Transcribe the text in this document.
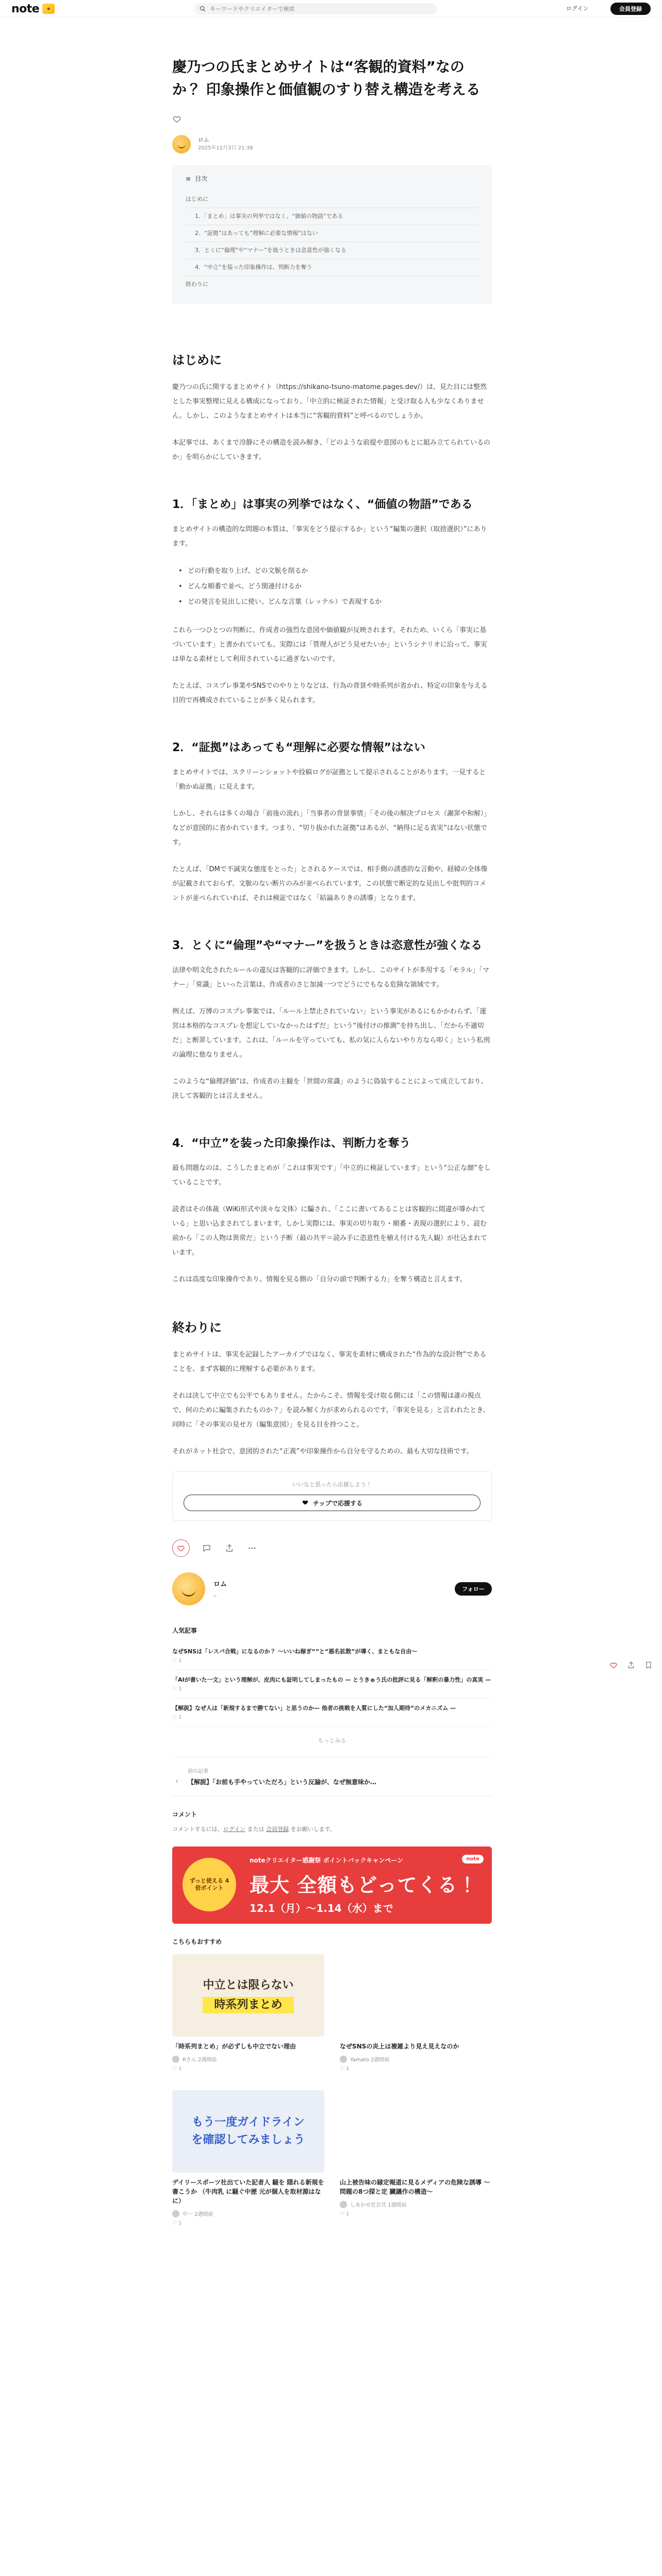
note	✦
キーワードやクリエイターで検索	ログイン	会員登録
慶乃つの氏まとめサイトは“客観的資料”なのか？ 印象操作と価値観のすり替え構造を考える
ロム
2025年12月3日 21:38
≡ 目次
はじめに
1．「まとめ」は事実の列挙ではなく、“価値の物語”である
2．“証拠”はあっても“理解に必要な情報”はない
3．とくに“倫理”や“マナー”を扱うときは恣意性が強くなる
4．“中立”を装った印象操作は、判断力を奪う
終わりに
はじめに

慶乃つの氏に関するまとめサイト（https://shikano-tsuno-matome.pages.dev/）は、見た目には整然とした事実整理に見える構成になっており、「中立的に検証された情報」と受け取る人も少なくありません。しかし、このようなまとめサイトは本当に“客観的資料”と呼べるのでしょうか。

本記事では、あくまで冷静にその構造を読み解き、「どのような前提や意図のもとに組み立てられているのか」を明らかにしていきます。

1．「まとめ」は事実の列挙ではなく、“価値の物語”である

まとめサイトの構造的な問題の本質は、「事実をどう提示するか」という“編集の選択（取捨選択）”にあります。

• どの行動を取り上げ、どの文脈を削るか
• どんな順番で並べ、どう関連付けるか
• どの発言を見出しに使い、どんな言葉（レッテル）で表現するか

これら一つひとつの判断に、作成者の強烈な意図や価値観が反映されます。それため、いくら「事実に基づいています」と書かれていても、実際には「管理人がどう見せたいか」というシナリオに沿って、事実は単なる素材として利用されているに過ぎないのです。

たとえば、コスプレ事業やSNSでのやりとりなどは、行為の背景や時系列が省かれ、特定の印象を与える目的で再構成されていることが多く見られます。

2．“証拠”はあっても“理解に必要な情報”はない

まとめサイトでは、スクリーンショットや投稿ログが証拠として提示されることがあります。一見すると「動かぬ証拠」に見えます。

しかし、それらは多くの場合「前後の流れ」「当事者の背景事情」「その後の解決プロセス（謝罪や和解）」などが意図的に省かれています。つまり、“切り抜かれた証拠”はあるが、“納得に足る真実”はない状態です。

たとえば、「DMで不誠実な態度をとった」とされるケースでは、相手側の誘惑的な言動や、経緯の全体像が記載されておらず、文脈のない断片のみが並べられています。この状態で断定的な見出しや批判的コメントが並べられていれば、それは検証ではなく「結論ありきの誘導」となります。

3．とくに“倫理”や“マナー”を扱うときは恣意性が強くなる

法律や明文化されたルールの違反は客観的に評価できます。しかし、このサイトが多用する「モラル」「マナー」「常識」といった言葉は、作成者のさじ加減一つでどうにでもなる危険な領域です。

例えば、万博のコスプレ事案では、「ルール上禁止されていない」という事実があるにもかかわらず、「運営は本格的なコスプレを想定していなかったはずだ」という“後付けの推測”を持ち出し、「だから不適切だ」と断罪しています。これは、「ルールを守っていても、私の気に入らないやり方なら叩く」という私刑の論理に他なりません。

このような“倫理評価”は、作成者の主観を「世間の常識」のように偽装することによって成立しており、決して客観的とは言えません。

4．“中立”を装った印象操作は、判断力を奪う

最も問題なのは、こうしたまとめが「これは事実です」「中立的に検証しています」という“公正な顔”をしていることです。

読者はその体裁（WiKi形式や淡々な文体）に騙され、「ここに書いてあることは客観的に間違が導かれている」と思い込まされてしまいます。しかし実際には、事実の切り取り・順番・表現の選択により、読む前から「この人物は異常だ」という予断（最の共平＝読み手に恣意性を植え付ける先入観）が仕込まれています。

これは高度な印象操作であり、情報を見る側の「自分の頭で判断する力」を奪う構造と言えます。

終わりに

まとめサイトは、事実を記録したアーカイブではなく、事実を素材に構成された“作為的な設計物”であることを、まず客観的に理解する必要があります。

それは決して中立でも公平でもありません。たからこそ、情報を受け取る側には「この情報は誰の視点で、何のために編集されたものか？」を読み解く力が求められるのです。「事実を見る」と言われたとき、同時に「その事実の見せ方（編集意図）」を見る目を持つこと。

それがネット社会で、意図的された“正義”や印象操作から自分を守るための、最も大切な技術です。

いいなと思ったら応援しよう！
チップで応援する
ロム
⌁
フォロー
人気記事
なぜSNSは「レスバ合戦」になるのか？ 〜いいね稼ぎ“”と“悪名拡散”が導く、まともな自由〜
♡ 1
「AIが書いた一文」という理解が、皮肉にも証明してしまったもの — とうきゅう氏の批評に見る「解釈の暴力性」の真実 —
♡ 1
【解説】なぜ人は「新規するまで勝てない」と思うのか— 他者の挑戦を人質にした“加入期待”のメカニズム —
♡ 1
もっとみる
‹
前の記事
【解説】「お前も手やっていただろ」という反論が、なぜ無意味か…
コメント
コメントするには、ログイン または 会員登録 をお願いします。
ずっと使える 4倍ポイント
noteクリエイター感謝祭 ポイントバックキャンペーン
最大 全額もどってくる！
12.1（月）〜1.14（水）まで
note
こちらもおすすめ
中立とは限らない
時系列まとめ
「時系列まとめ」が必ずしも中立でない理由
Rさん 2週間前
♡ 1
なぜSNSの炎上は複雑より見え見えなのか
Yamato 2週間前
♡ 1
もう一度ガイドライン
を確認してみましょう
デイリースポーツ社出ていた記者人 騒を 隠れる新規を書こうか （牛肉乳 に騒ぐ中歴 元が個人を取材源はなに）
中一 2週間前
♡ 1
山上被告味の縁定報道に見るメディアの危険な誘導 〜問題の8つ探と定 臓議作の構造〜
しあわせ社会共 1週間前
♡ 1
